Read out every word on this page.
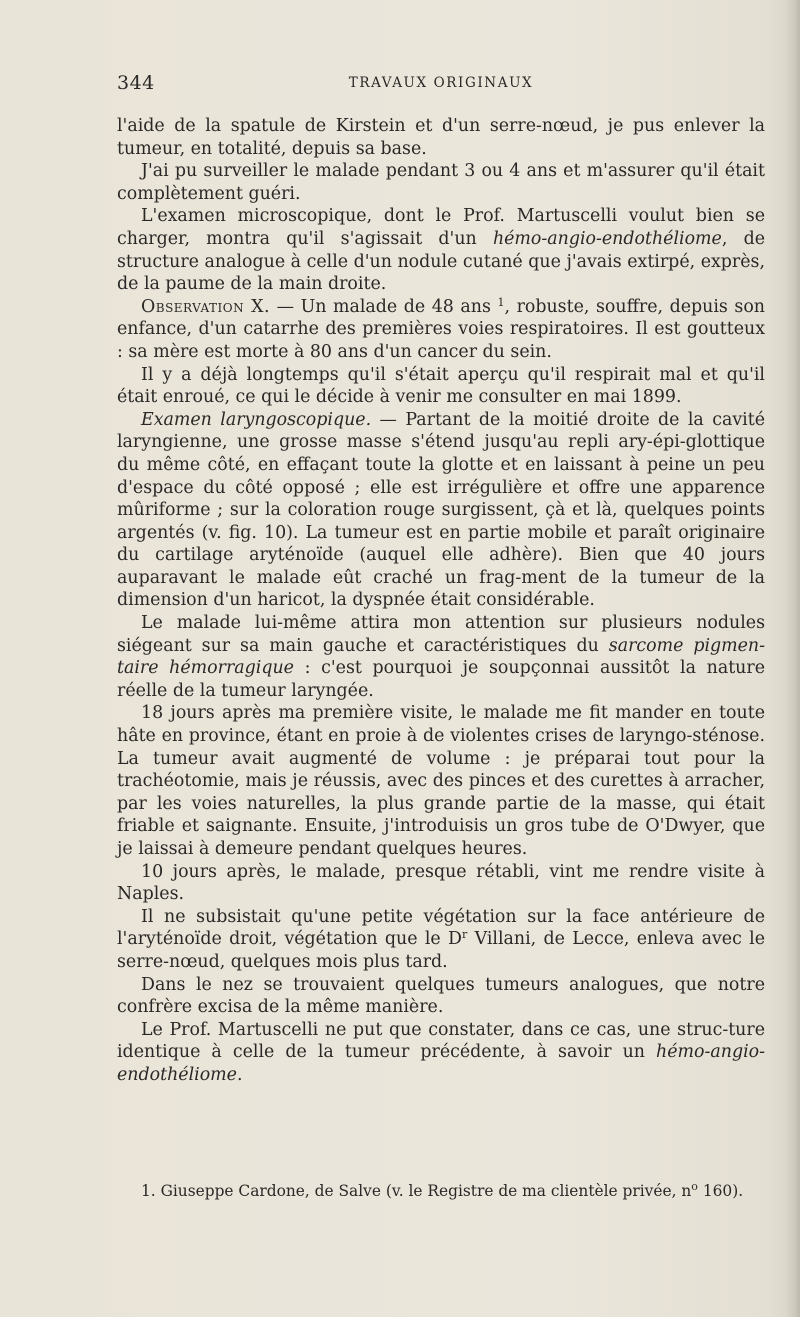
344	TRAVAUX ORIGINAUX

l'aide de la spatule de Kirstein et d'un serre-nœud, je pus enlever la tumeur, en totalité, depuis sa base.

J'ai pu surveiller le malade pendant 3 ou 4 ans et m'assurer qu'il était complètement guéri.

L'examen microscopique, dont le Prof. Martuscelli voulut bien se charger, montra qu'il s'agissait d'un hémo-angio-endothéliome, de structure analogue à celle d'un nodule cutané que j'avais extirpé, exprès, de la paume de la main droite.

Observation X. — Un malade de 48 ans $^1$, robuste, souffre, depuis son enfance, d'un catarrhe des premières voies respiratoires. Il est goutteux : sa mère est morte à 80 ans d'un cancer du sein.

Il y a déjà longtemps qu'il s'était aperçu qu'il respirait mal et qu'il était enroué, ce qui le décide à venir me consulter en mai 1899.

Examen laryngoscopique. — Partant de la moitié droite de la cavité laryngienne, une grosse masse s'étend jusqu'au repli ary-épi-glottique du même côté, en effaçant toute la glotte et en laissant à peine un peu d'espace du côté opposé ; elle est irrégulière et offre une apparence mûriforme ; sur la coloration rouge surgissent, çà et là, quelques points argentés (v. fig. 10). La tumeur est en partie mobile et paraît originaire du cartilage aryténoïde (auquel elle adhère). Bien que 40 jours auparavant le malade eût craché un frag-ment de la tumeur de la dimension d'un haricot, la dyspnée était considérable.

Le malade lui-même attira mon attention sur plusieurs nodules siégeant sur sa main gauche et caractéristiques du sarcome pigmen-taire hémorragique : c'est pourquoi je soupçonnai aussitôt la nature réelle de la tumeur laryngée.

18 jours après ma première visite, le malade me fit mander en toute hâte en province, étant en proie à de violentes crises de laryngo-sténose. La tumeur avait augmenté de volume : je préparai tout pour la trachéotomie, mais je réussis, avec des pinces et des curettes à arracher, par les voies naturelles, la plus grande partie de la masse, qui était friable et saignante. Ensuite, j'introduisis un gros tube de O'Dwyer, que je laissai à demeure pendant quelques heures.

10 jours après, le malade, presque rétabli, vint me rendre visite à Naples.

Il ne subsistait qu'une petite végétation sur la face antérieure de l'aryténoïde droit, végétation que le $D^r$ Villani, de Lecce, enleva avec le serre-nœud, quelques mois plus tard.

Dans le nez se trouvaient quelques tumeurs analogues, que notre confrère excisa de la même manière.

Le Prof. Martuscelli ne put que constater, dans ce cas, une struc-ture identique à celle de la tumeur précédente, à savoir un hémo-angio-endothéliome.

1. Giuseppe Cardone, de Salve (v. le Registre de ma clientèle privée, $n^o$ 160).
